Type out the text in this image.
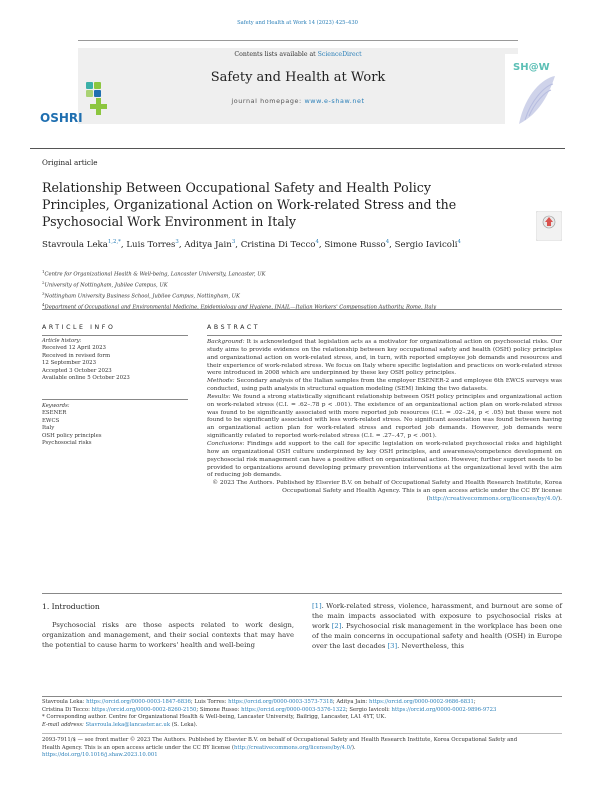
Safety and Health at Work 14 (2023) 425–430
Contents lists available at ScienceDirect
Safety and Health at Work
journal homepage: www.e-shaw.net
OSHRI
SH@W
Original article
Relationship Between Occupational Safety and Health Policy Principles, Organizational Action on Work-related Stress and the Psychosocial Work Environment in Italy
Stavroula Leka$^{1,2,*}$, Luis Torres$^3$, Aditya Jain$^3$, Cristina Di Tecco$^4$, Simone Russo$^4$, Sergio Iavicoli$^4$
$^1$Centre for Organizational Health & Well-being, Lancaster University, Lancaster, UK
$^2$University of Nottingham, Jubilee Campus, UK
$^3$Nottingham University Business School, Jubilee Campus, Nottingham, UK
$^4$Department of Occupational and Environmental Medicine, Epidemiology and Hygiene, INAIL—Italian Workers' Compensation Authority, Rome, Italy
ARTICLE INFO
Article history:
Received 12 April 2023
Received in revised form
12 September 2023
Accepted 3 October 2023
Available online 5 October 2023
Keywords:
ESENER
EWCS
Italy
OSH policy principles
Psychosocial risks
ABSTRACT

Background: It is acknowledged that legislation acts as a motivator for organizational action on psychosocial risks. Our study aims to provide evidence on the relationship between key occupational safety and health (OSH) policy principles and organizational action on work-related stress, and, in turn, with reported employee job demands and resources and their experience of work-related stress. We focus on Italy where specific legislation and practices on work-related stress were introduced in 2008 which are underpinned by these key OSH policy principles.

Methods: Secondary analysis of the Italian samples from the employer ESENER-2 and employee 6th EWCS surveys was conducted, using path analysis in structural equation modeling (SEM) linking the two datasets.

Results: We found a strong statistically significant relationship between OSH policy principles and organizational action on work-related stress (C.I. = .62–.78 p < .001). The existence of an organizational action plan on work-related stress was found to be significantly associated with more reported job resources (C.I. = .02–.24, p < .05) but these were not found to be significantly associated with less work-related stress. No significant association was found between having an organizational action plan for work-related stress and reported job demands. However, job demands were significantly related to reported work-related stress (C.I. = .27–.47, p < .001).

Conclusions: Findings add support to the call for specific legislation on work-related psychosocial risks and highlight how an organizational OSH culture underpinned by key OSH principles, and awareness/competence development on psychosocial risk management can have a positive effect on organizational action. However, further support needs to be provided to organizations around developing primary prevention interventions at the organizational level with the aim of reducing job demands.

© 2023 The Authors. Published by Elsevier B.V. on behalf of Occupational Safety and Health Research Institute, Korea Occupational Safety and Health Agency. This is an open access article under the CC BY license (http://creativecommons.org/licenses/by/4.0/).

1. Introduction
Psychosocial risks are those aspects related to work design, organization and management, and their social contexts that may have the potential to cause harm to workers' health and well-being
[1]. Work-related stress, violence, harassment, and burnout are some of the main impacts associated with exposure to psychosocial risks at work [2]. Psychosocial risk management in the workplace has been one of the main concerns in occupational safety and health (OSH) in Europe over the last decades [3]. Nevertheless, this
Stavroula Leka: https://orcid.org/0000-0003-1847-6836; Luis Torres: https://orcid.org/0000-0003-3573-7318; Aditya Jain: https://orcid.org/0000-0002-9686-6831;
Cristina Di Tecco: https://orcid.org/0000-0002-8260-2150; Simone Russo: https://orcid.org/0000-0003-5376-1322; Sergio Iavicoli: https://orcid.org/0000-0002-9896-9723
* Corresponding author. Centre for Organizational Health & Well-being, Lancaster University, Bailrigg, Lancaster, LA1 4YT, UK.
E-mail address: Stavroula.leka@lancaster.ac.uk (S. Leka).
2093-7911/$ — see front matter © 2023 The Authors. Published by Elsevier B.V. on behalf of Occupational Safety and Health Research Institute, Korea Occupational Safety and
Health Agency. This is an open access article under the CC BY license (http://creativecommons.org/licenses/by/4.0/).
https://doi.org/10.1016/j.shaw.2023.10.001
